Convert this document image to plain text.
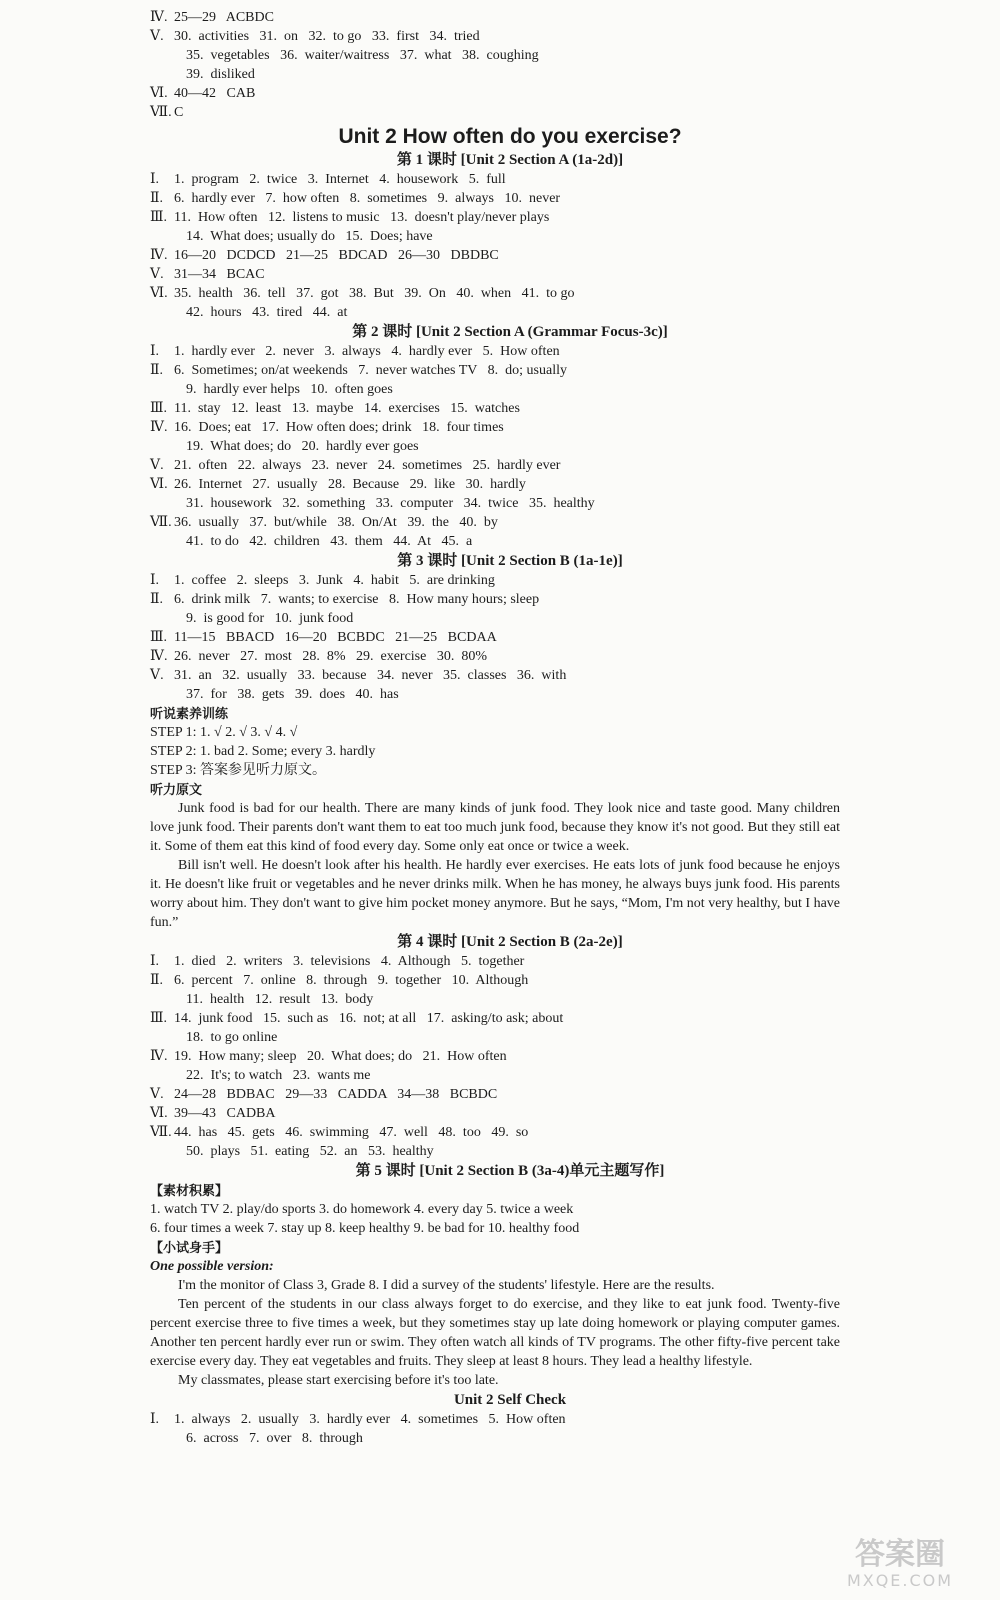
Ⅳ. 25—29   ACBDC
Ⅴ. 30.  activities   31.  on   32.  to go   33.  first   34.  tried
35.  vegetables   36.  waiter/waitress   37.  what   38.  coughing
39.  disliked
Ⅵ. 40—42   CAB
Ⅶ. C
Unit 2 How often do you exercise?
第 1 课时 [Unit 2 Section A (1a-2d)]
Ⅰ.	1.  program   2.  twice   3.  Internet   4.  housework   5.  full
Ⅱ. 6.  hardly ever   7.  how often   8.  sometimes   9.  always   10.  never
Ⅲ. 11.  How often   12.  listens to music   13.  doesn't play/never plays
14.  What does; usually do   15.  Does; have
Ⅳ. 16—20   DCDCD   21—25   BDCAD   26—30   DBDBC
Ⅴ. 31—34   BCAC
Ⅵ. 35.  health   36.  tell   37.  got   38.  But   39.  On   40.  when   41.  to go
42.  hours   43.  tired   44.  at
第 2 课时 [Unit 2 Section A (Grammar Focus-3c)]
Ⅰ.	1.  hardly ever   2.  never   3.  always   4.  hardly ever   5.  How often
Ⅱ. 6.  Sometimes; on/at weekends   7.  never watches TV   8.  do; usually
9.  hardly ever helps   10.  often goes
Ⅲ. 11.  stay   12.  least   13.  maybe   14.  exercises   15.  watches
Ⅳ. 16.  Does; eat   17.  How often does; drink   18.  four times
19.  What does; do   20.  hardly ever goes
Ⅴ. 21.  often   22.  always   23.  never   24.  sometimes   25.  hardly ever
Ⅵ. 26.  Internet   27.  usually   28.  Because   29.  like   30.  hardly
31.  housework   32.  something   33.  computer   34.  twice   35.  healthy
Ⅶ. 36.  usually   37.  but/while   38.  On/At   39.  the   40.  by
41.  to do   42.  children   43.  them   44.  At   45.  a
第 3 课时 [Unit 2 Section B (1a-1e)]
Ⅰ.	1.  coffee   2.  sleeps   3.  Junk   4.  habit   5.  are drinking
Ⅱ. 6.  drink milk   7.  wants; to exercise   8.  How many hours; sleep
9.  is good for   10.  junk food
Ⅲ. 11—15   BBACD   16—20   BCBDC   21—25   BCDAA
Ⅳ. 26.  never   27.  most   28.  8%   29.  exercise   30.  80%
Ⅴ. 31.  an   32.  usually   33.  because   34.  never   35.  classes   36.  with
37.  for   38.  gets   39.  does   40.  has
听说素养训练
STEP 1: 1. √ 2. √ 3. √ 4. √
STEP 2: 1. bad 2. Some; every 3. hardly
STEP 3: 答案参见听力原文。
听力原文

Junk food is bad for our health. There are many kinds of junk food. They look nice and taste good. Many children love junk food. Their parents don't want them to eat too much junk food, because they know it's not good. But they still eat it. Some of them eat this kind of food every day. Some only eat once or twice a week.

Bill isn't well. He doesn't look after his health. He hardly ever exercises. He eats lots of junk food because he enjoys it. He doesn't like fruit or vegetables and he never drinks milk. When he has money, he always buys junk food. His parents worry about him. They don't want to give him pocket money anymore. But he says, “Mom, I'm not very healthy, but I have fun.”

第 4 课时 [Unit 2 Section B (2a-2e)]
Ⅰ.	1.  died   2.  writers   3.  televisions   4.  Although   5.  together
Ⅱ. 6.  percent   7.  online   8.  through   9.  together   10.  Although
11.  health   12.  result   13.  body
Ⅲ. 14.  junk food   15.  such as   16.  not; at all   17.  asking/to ask; about
18.  to go online
Ⅳ. 19.  How many; sleep   20.  What does; do   21.  How often
22.  It's; to watch   23.  wants me
Ⅴ. 24—28   BDBAC   29—33   CADDA   34—38   BCBDC
Ⅵ. 39—43   CADBA
Ⅶ. 44.  has   45.  gets   46.  swimming   47.  well   48.  too   49.  so
50.  plays   51.  eating   52.  an   53.  healthy
第 5 课时 [Unit 2 Section B (3a-4)单元主题写作]
【素材积累】
1. watch TV 2. play/do sports 3. do homework 4. every day 5. twice a week
6. four times a week 7. stay up 8. keep healthy 9. be bad for 10. healthy food
【小试身手】
One possible version:

I'm the monitor of Class 3, Grade 8. I did a survey of the students' lifestyle. Here are the results.

Ten percent of the students in our class always forget to do exercise, and they like to eat junk food. Twenty-five percent exercise three to five times a week, but they sometimes stay up late doing homework or playing computer games. Another ten percent hardly ever run or swim. They often watch all kinds of TV programs. The other fifty-five percent take exercise every day. They eat vegetables and fruits. They sleep at least 8 hours. They lead a healthy lifestyle.

My classmates, please start exercising before it's too late.

Unit 2 Self Check
Ⅰ.	1.  always   2.  usually   3.  hardly ever   4.  sometimes   5.  How often
6.  across   7.  over   8.  through
答案圈
MXQE.COM
